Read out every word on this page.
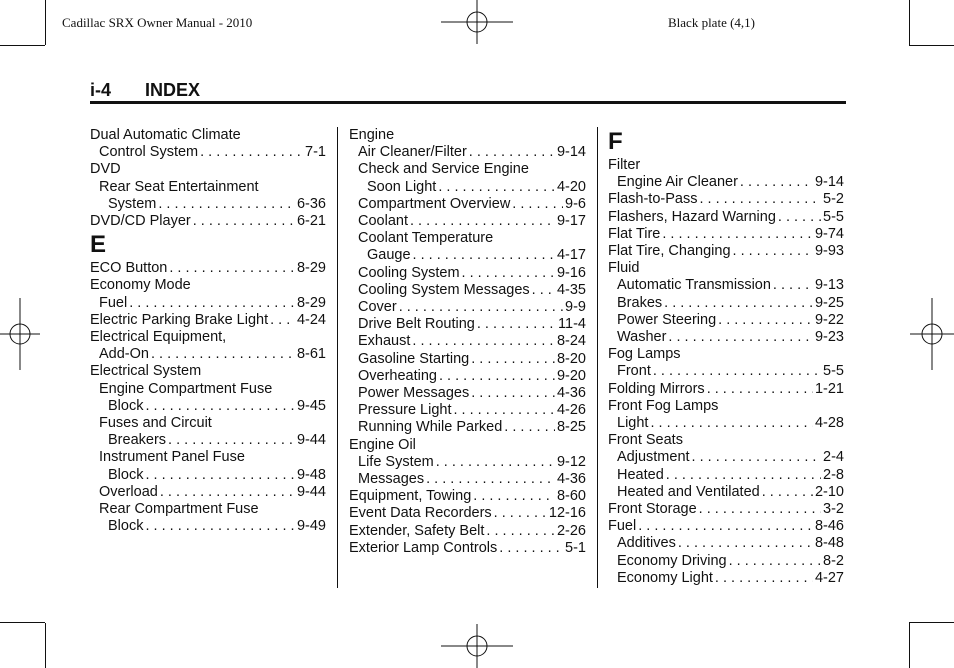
Cadillac SRX Owner Manual - 2010	Black plate (4,1)
i-4 INDEX
Dual Automatic Climate
Control System . . .	7-1
DVD
Rear Seat Entertainment
System . . .	6-36
DVD/CD Player . . .	6-21
E
ECO Button . . .	8-29
Economy Mode
Fuel . . .	8-29
Electric Parking Brake Light . . . 4-24
Electrical Equipment,
Add-On . . .	8-61
Electrical System
Engine Compartment Fuse
Block . . .	9-45
Fuses and Circuit
Breakers . . .	9-44
Instrument Panel Fuse
Block . . .	9-48
Overload . . .	9-44
Rear Compartment Fuse
Block . . .	9-49
Engine
Air Cleaner/Filter . . .	9-14
Check and Service Engine
Soon Light . . .	4-20
Compartment Overview . . .	9-6
Coolant . . .	9-17
Coolant Temperature
Gauge . . .	4-17
Cooling System . . .	9-16
Cooling System Messages . . . 4-35
Cover . . .	9-9
Drive Belt Routing . . .	11-4
Exhaust . . .	8-24
Gasoline Starting . . .	8-20
Overheating . . .	9-20
Power Messages . . .	4-36
Pressure Light . . .	4-26
Running While Parked . . .	8-25
Engine Oil
Life System . . .	9-12
Messages . . .	4-36
Equipment, Towing . . .	8-60
Event Data Recorders . . .	12-16
Extender, Safety Belt . . .	2-26
Exterior Lamp Controls . . .	5-1
F
Filter
Engine Air Cleaner . . .	9-14
Flash-to-Pass . . .	5-2
Flashers, Hazard Warning . . .	5-5
Flat Tire . . .	9-74
Flat Tire, Changing . . .	9-93
Fluid
Automatic Transmission . . .	9-13
Brakes . . .	9-25
Power Steering . . .	9-22
Washer . . .	9-23
Fog Lamps
Front . . .	5-5
Folding Mirrors . . .	1-21
Front Fog Lamps
Light . . .	4-28
Front Seats
Adjustment . . .	2-4
Heated . . .	2-8
Heated and Ventilated . . .	2-10
Front Storage . . .	3-2
Fuel . . .	8-46
Additives . . .	8-48
Economy Driving . . .	8-2
Economy Light . . .	4-27
